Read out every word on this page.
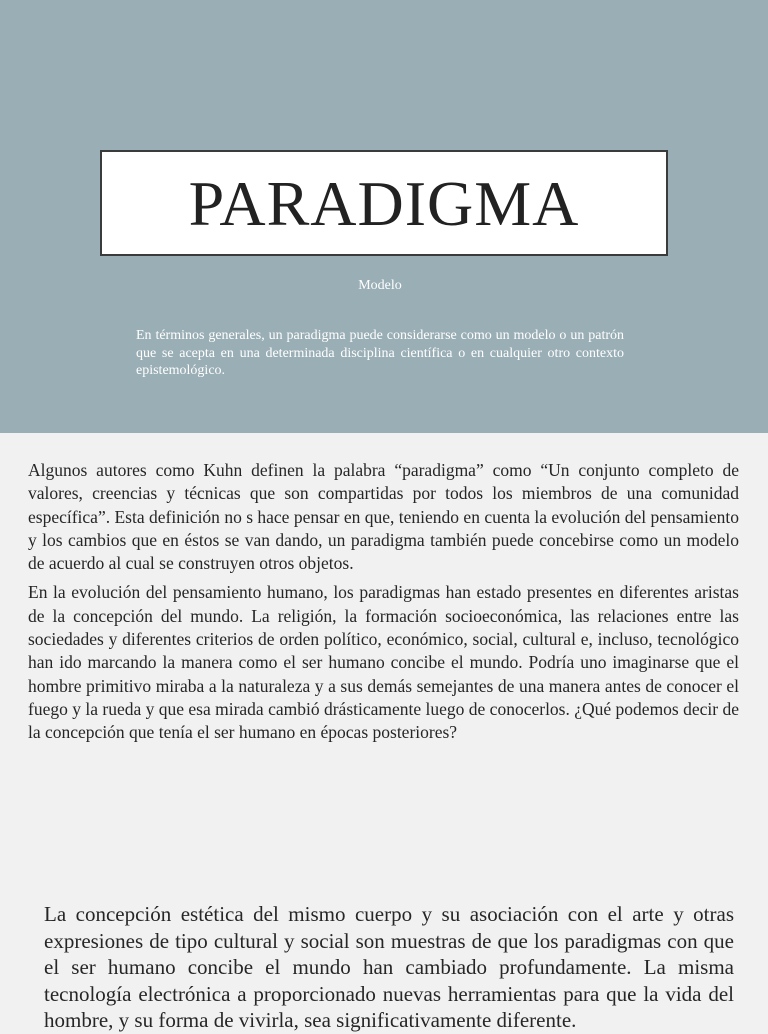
PARADIGMA
Modelo
En términos generales, un paradigma puede considerarse como un modelo o un patrón que se acepta en una determinada disciplina científica o en cualquier otro contexto epistemológico.

Algunos autores como Kuhn definen la palabra “paradigma” como “Un conjunto completo de valores, creencias y técnicas que son compartidas por todos los miembros de una comunidad específica”. Esta definición no s hace pensar en que, teniendo en cuenta la evolución del pensamiento y los cambios que en éstos se van dando, un paradigma también puede concebirse como un modelo de acuerdo al cual se construyen otros objetos.

En la evolución del pensamiento humano, los paradigmas han estado presentes en diferentes aristas de la concepción del mundo. La religión, la formación socioeconómica, las relaciones entre las sociedades y diferentes criterios de orden político, económico, social, cultural e, incluso, tecnológico han ido marcando la manera como el ser humano concibe el mundo. Podría uno imaginarse que el hombre primitivo miraba a la naturaleza y a sus demás semejantes de una manera antes de conocer el fuego y la rueda y que esa mirada cambió drásticamente luego de conocerlos. ¿Qué podemos decir de la concepción que tenía el ser humano en épocas posteriores?

La concepción estética del mismo cuerpo y su asociación con el arte y otras expresiones de tipo cultural y social son muestras de que los paradigmas con que el ser humano concibe el mundo han cambiado profundamente. La misma tecnología electrónica a proporcionado nuevas herramientas para que la vida del hombre, y su forma de vivirla, sea significativamente diferente.
